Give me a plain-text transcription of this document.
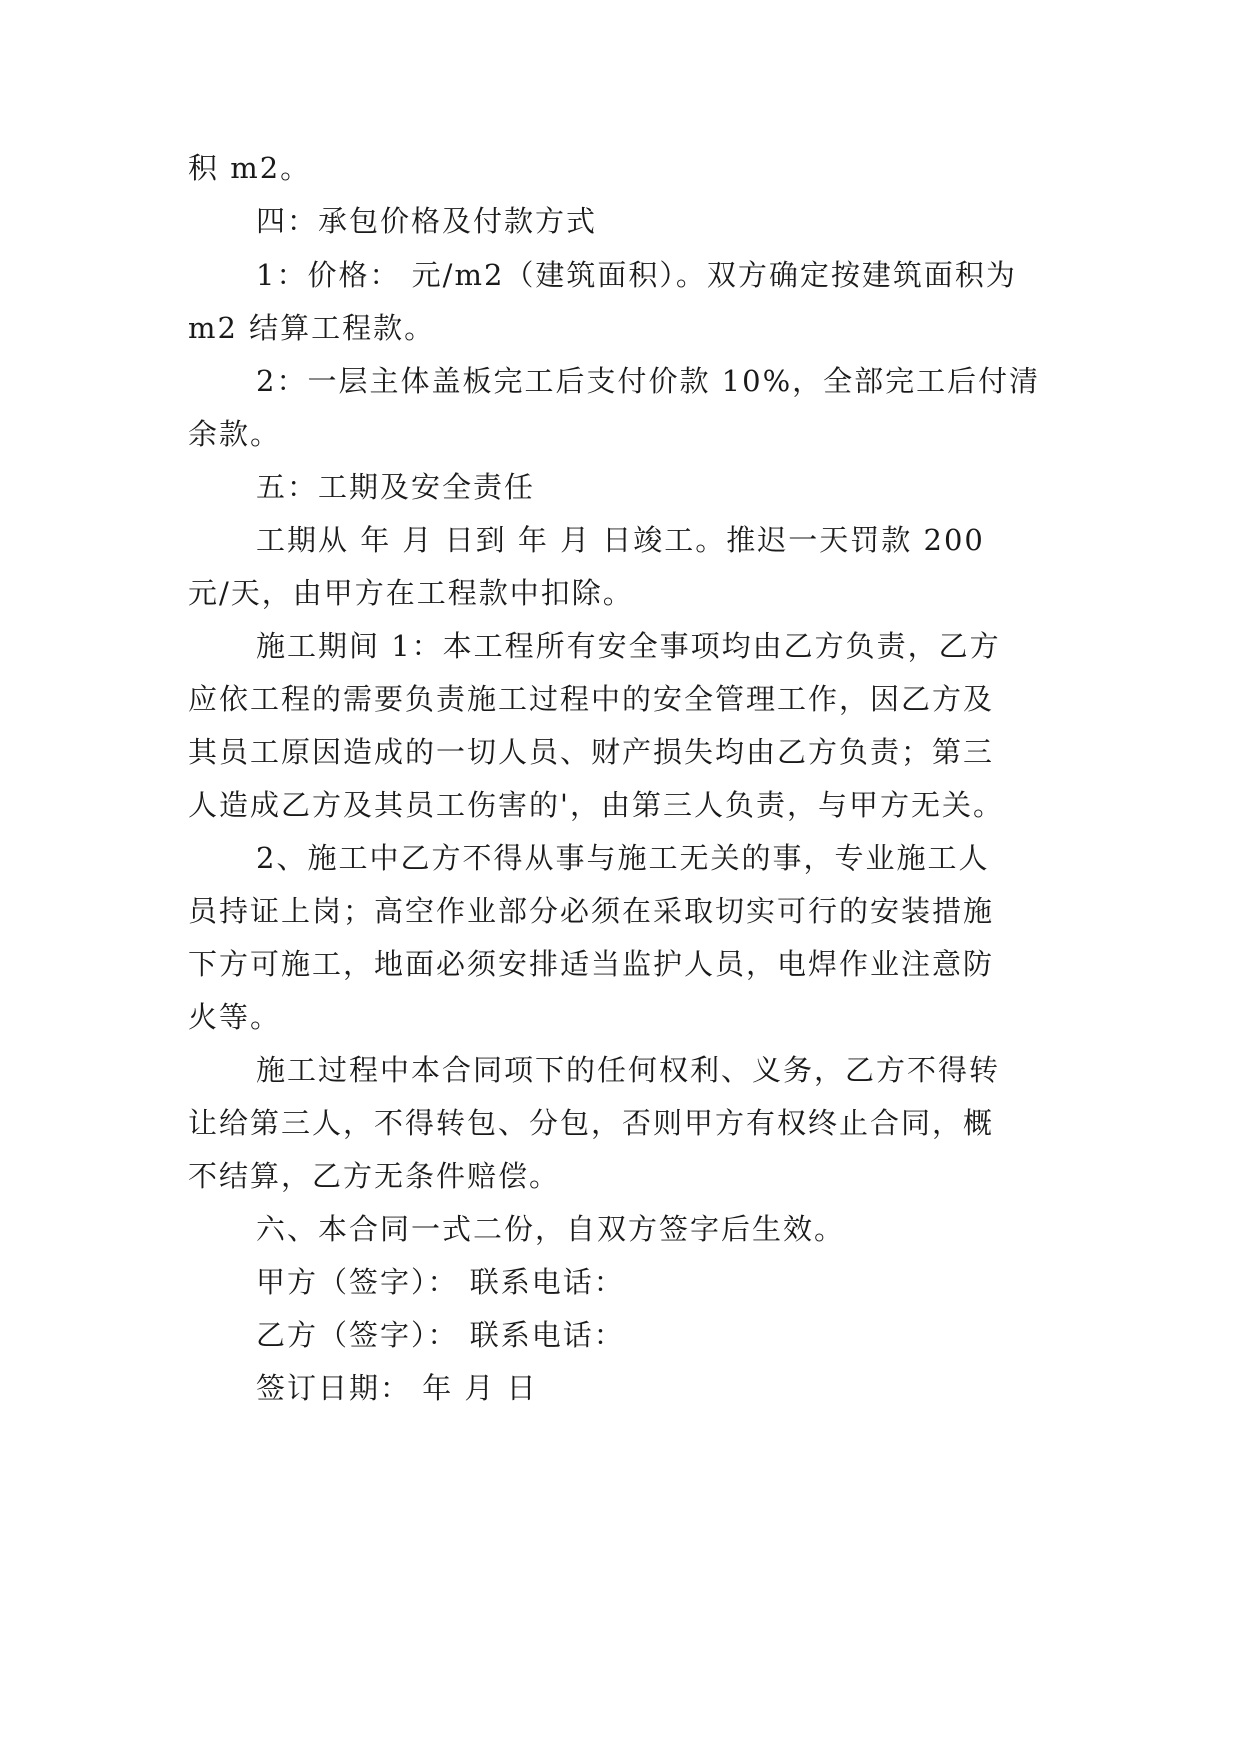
积 m2。
四：承包价格及付款方式
1：价格： 元/m2（建筑面积）。双方确定按建筑面积为
m2 结算工程款。
2：一层主体盖板完工后支付价款 10%，全部完工后付清
余款。
五：工期及安全责任
工期从 年 月 日到 年 月 日竣工。推迟一天罚款 200
元/天，由甲方在工程款中扣除。
施工期间 1：本工程所有安全事项均由乙方负责，乙方
应依工程的需要负责施工过程中的安全管理工作，因乙方及
其员工原因造成的一切人员、财产损失均由乙方负责；第三
人造成乙方及其员工伤害的'，由第三人负责，与甲方无关。
2、施工中乙方不得从事与施工无关的事，专业施工人
员持证上岗；高空作业部分必须在采取切实可行的安装措施
下方可施工，地面必须安排适当监护人员，电焊作业注意防
火等。
施工过程中本合同项下的任何权利、义务，乙方不得转
让给第三人，不得转包、分包，否则甲方有权终止合同，概
不结算，乙方无条件赔偿。
六、本合同一式二份，自双方签字后生效。
甲方（签字）： 联系电话：
乙方（签字）： 联系电话：
签订日期： 年 月 日
